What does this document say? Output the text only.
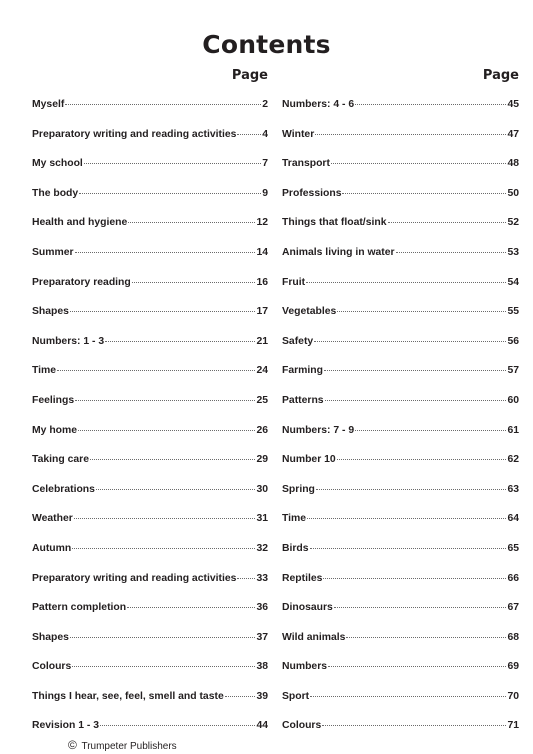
Contents
Page
Myself	2
Preparatory writing and reading activities 4
My school	7
The body	9
Health and hygiene	12
Summer	14
Preparatory reading	16
Shapes	17
Numbers: 1 - 3	21
Time	24
Feelings	25
My home	26
Taking care	29
Celebrations	30
Weather	31
Autumn	32
Preparatory writing and reading activities 33
Pattern completion	36
Shapes	37
Colours	38
Things I hear, see, feel, smell and taste	39
Revision 1 - 3	44
Page
Numbers: 4 - 6	45
Winter	47
Transport	48
Professions	50
Things that float/sink	52
Animals living in water	53
Fruit	54
Vegetables	55
Safety	56
Farming	57
Patterns	60
Numbers: 7 - 9	61
Number 10	62
Spring	63
Time	64
Birds	65
Reptiles	66
Dinosaurs	67
Wild animals	68
Numbers	69
Sport	70
Colours	71
© Trumpeter Publishers
